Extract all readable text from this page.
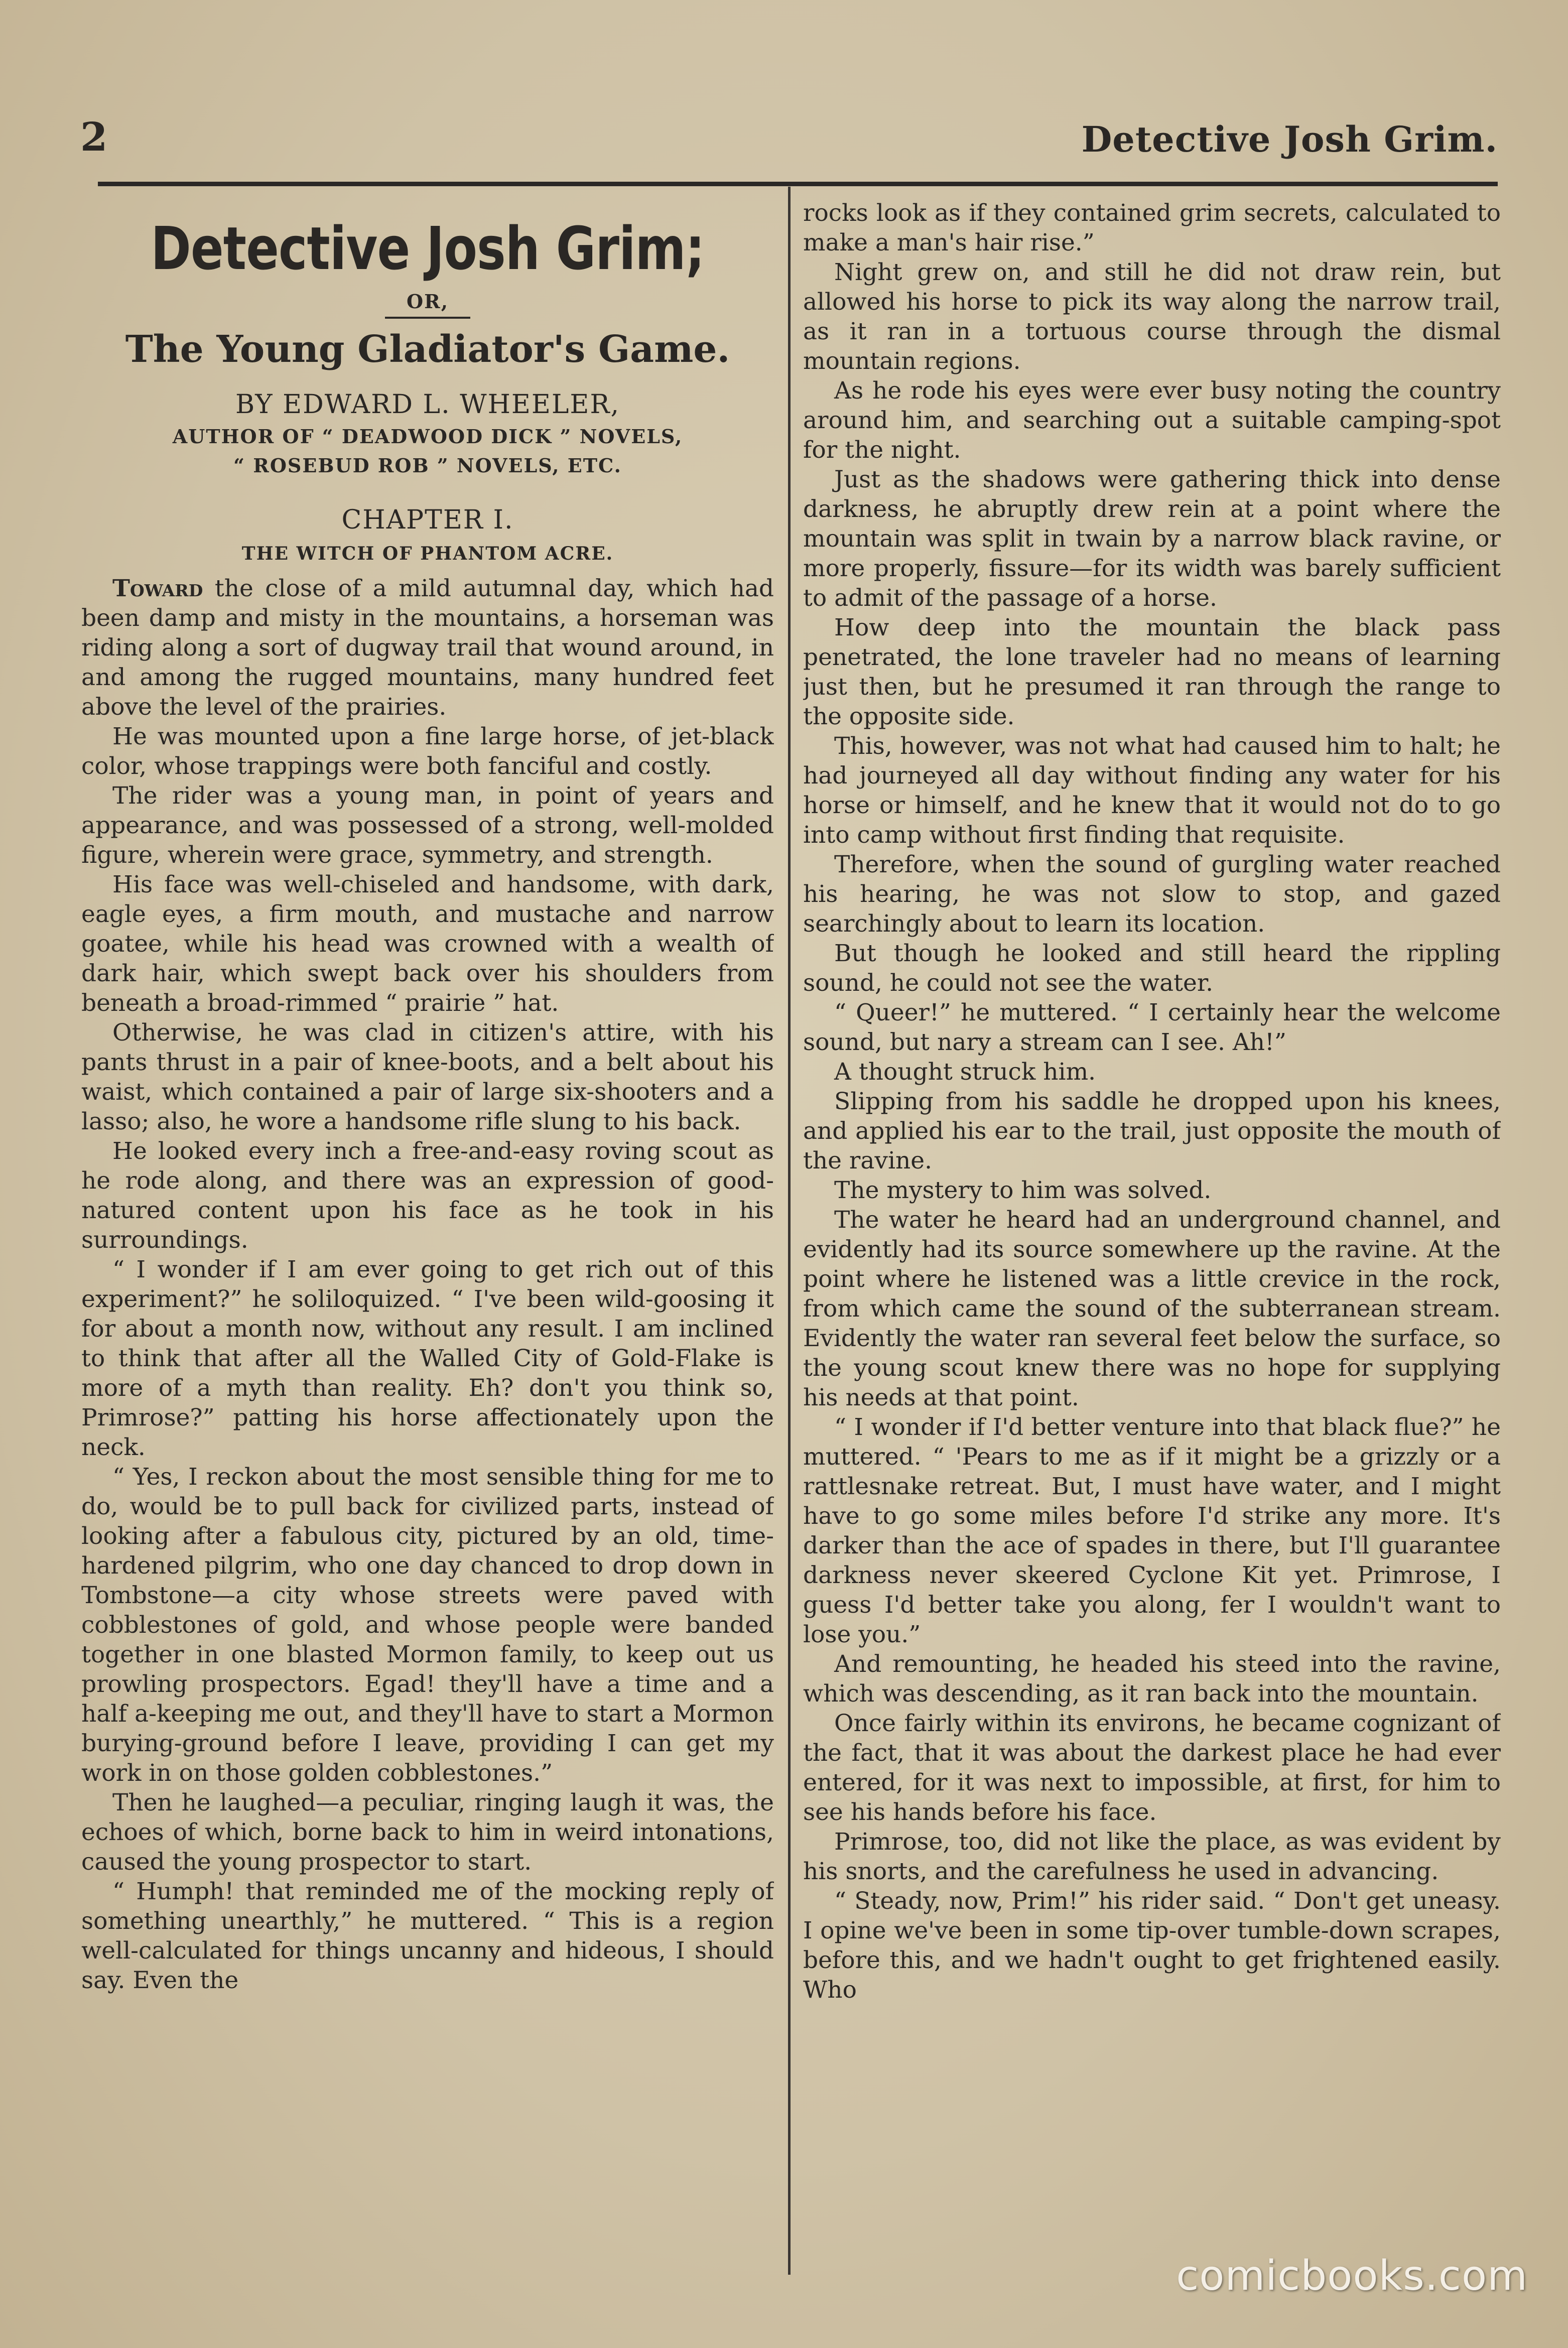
2	Detective Josh Grim.
Detective Josh Grim;
OR,
The Young Gladiator's Game.
BY EDWARD L. WHEELER,
AUTHOR OF “ DEADWOOD DICK ” NOVELS,
“ ROSEBUD ROB ” NOVELS, ETC.
CHAPTER I.
THE WITCH OF PHANTOM ACRE.

Toward the close of a mild autumnal day, which had been damp and misty in the mountains, a horseman was riding along a sort of dugway trail that wound around, in and among the rugged mountains, many hundred feet above the level of the prairies.

He was mounted upon a fine large horse, of jet-black color, whose trappings were both fanciful and costly.

The rider was a young man, in point of years and appearance, and was possessed of a strong, well-molded figure, wherein were grace, symmetry, and strength.

His face was well-chiseled and handsome, with dark, eagle eyes, a firm mouth, and mustache and narrow goatee, while his head was crowned with a wealth of dark hair, which swept back over his shoulders from beneath a broad-rimmed “ prairie ” hat.

Otherwise, he was clad in citizen's attire, with his pants thrust in a pair of knee-boots, and a belt about his waist, which contained a pair of large six-shooters and a lasso; also, he wore a handsome rifle slung to his back.

He looked every inch a free-and-easy roving scout as he rode along, and there was an expression of good-natured content upon his face as he took in his surroundings.

“ I wonder if I am ever going to get rich out of this experiment?” he soliloquized. “ I've been wild-goosing it for about a month now, without any result. I am inclined to think that after all the Walled City of Gold-Flake is more of a myth than reality. Eh? don't you think so, Primrose?” patting his horse affectionately upon the neck.

“ Yes, I reckon about the most sensible thing for me to do, would be to pull back for civilized parts, instead of looking after a fabulous city, pictured by an old, time-hardened pilgrim, who one day chanced to drop down in Tombstone—a city whose streets were paved with cobblestones of gold, and whose people were banded together in one blasted Mormon family, to keep out us prowling prospectors. Egad! they'll have a time and a half a-keeping me out, and they'll have to start a Mormon burying-ground before I leave, providing I can get my work in on those golden cobblestones.”

Then he laughed—a peculiar, ringing laugh it was, the echoes of which, borne back to him in weird intonations, caused the young prospector to start.

“ Humph! that reminded me of the mocking reply of something unearthly,” he muttered. “ This is a region well-calculated for things uncanny and hideous, I should say. Even the

rocks look as if they contained grim secrets, calculated to make a man's hair rise.”

Night grew on, and still he did not draw rein, but allowed his horse to pick its way along the narrow trail, as it ran in a tortuous course through the dismal mountain regions.

As he rode his eyes were ever busy noting the country around him, and searching out a suitable camping-spot for the night.

Just as the shadows were gathering thick into dense darkness, he abruptly drew rein at a point where the mountain was split in twain by a narrow black ravine, or more properly, fissure—for its width was barely sufficient to admit of the passage of a horse.

How deep into the mountain the black pass penetrated, the lone traveler had no means of learning just then, but he presumed it ran through the range to the opposite side.

This, however, was not what had caused him to halt; he had journeyed all day without finding any water for his horse or himself, and he knew that it would not do to go into camp without first finding that requisite.

Therefore, when the sound of gurgling water reached his hearing, he was not slow to stop, and gazed searchingly about to learn its location.

But though he looked and still heard the rippling sound, he could not see the water.

“ Queer!” he muttered. “ I certainly hear the welcome sound, but nary a stream can I see. Ah!”

A thought struck him.

Slipping from his saddle he dropped upon his knees, and applied his ear to the trail, just opposite the mouth of the ravine.

The mystery to him was solved.

The water he heard had an underground channel, and evidently had its source somewhere up the ravine. At the point where he listened was a little crevice in the rock, from which came the sound of the subterranean stream. Evidently the water ran several feet below the surface, so the young scout knew there was no hope for supplying his needs at that point.

“ I wonder if I'd better venture into that black flue?” he muttered. “ 'Pears to me as if it might be a grizzly or a rattlesnake retreat. But, I must have water, and I might have to go some miles before I'd strike any more. It's darker than the ace of spades in there, but I'll guarantee darkness never skeered Cyclone Kit yet. Primrose, I guess I'd better take you along, fer I wouldn't want to lose you.”

And remounting, he headed his steed into the ravine, which was descending, as it ran back into the mountain.

Once fairly within its environs, he became cognizant of the fact, that it was about the darkest place he had ever entered, for it was next to impossible, at first, for him to see his hands before his face.

Primrose, too, did not like the place, as was evident by his snorts, and the carefulness he used in advancing.

“ Steady, now, Prim!” his rider said. “ Don't get uneasy. I opine we've been in some tip-over tumble-down scrapes, before this, and we hadn't ought to get frightened easily. Who

comicbooks.com
